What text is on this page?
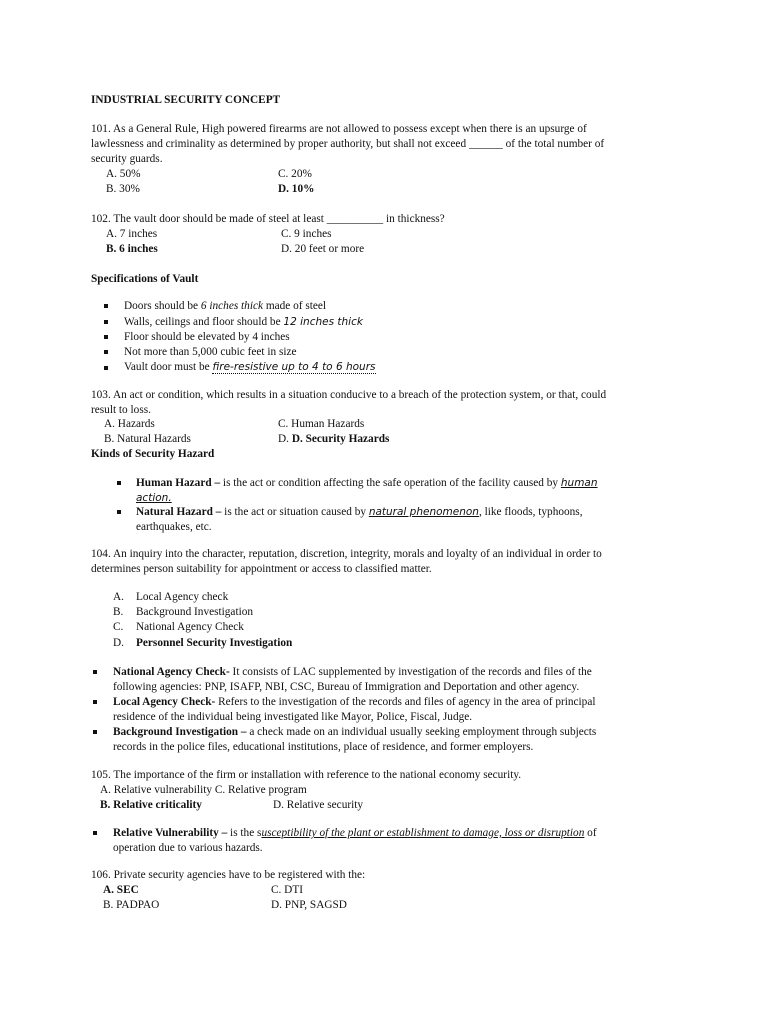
INDUSTRIAL SECURITY CONCEPT
101. As a General Rule, High powered firearms are not allowed to possess except when there is an upsurge of
lawlessness and criminality as determined by proper authority, but shall not exceed ______ of the total number of
security guards.
A. 50%	C. 20%
B. 30%	D. 10%
102. The vault door should be made of steel at least __________ in thickness?
A. 7 inches	C. 9 inches
B. 6 inches	D. 20 feet or more
Specifications of Vault
Doors should be 6 inches thick made of steel
Walls, ceilings and floor should be 12 inches thick
Floor should be elevated by 4 inches
Not more than 5,000 cubic feet in size
Vault door must be fire-resistive up to 4 to 6 hours
103. An act or condition, which results in a situation conducive to a breach of the protection system, or that, could
result to loss.
A. Hazards	C. Human Hazards
B. Natural Hazards	D. D. Security Hazards
Kinds of Security Hazard
Human Hazard – is the act or condition affecting the safe operation of the facility caused by human
action.
Natural Hazard – is the act or situation caused by natural phenomenon, like floods, typhoons,
earthquakes, etc.
104. An inquiry into the character, reputation, discretion, integrity, morals and loyalty of an individual in order to
determines person suitability for appointment or access to classified matter.
A. Local Agency check
B. Background Investigation
C. National Agency Check
D. Personnel Security Investigation
National Agency Check- It consists of LAC supplemented by investigation of the records and files of the
following agencies: PNP, ISAFP, NBI, CSC, Bureau of Immigration and Deportation and other agency.
Local Agency Check- Refers to the investigation of the records and files of agency in the area of principal
residence of the individual being investigated like Mayor, Police, Fiscal, Judge.
Background Investigation – a check made on an individual usually seeking employment through subjects
records in the police files, educational institutions, place of residence, and former employers.
105. The importance of the firm or installation with reference to the national economy security.
A. Relative vulnerability C. Relative program
B. Relative criticality	D. Relative security
Relative Vulnerability – is the susceptibility of the plant or establishment to damage, loss or disruption of
operation due to various hazards.
106. Private security agencies have to be registered with the:
A. SEC	C. DTI
B. PADPAO	D. PNP, SAGSD
